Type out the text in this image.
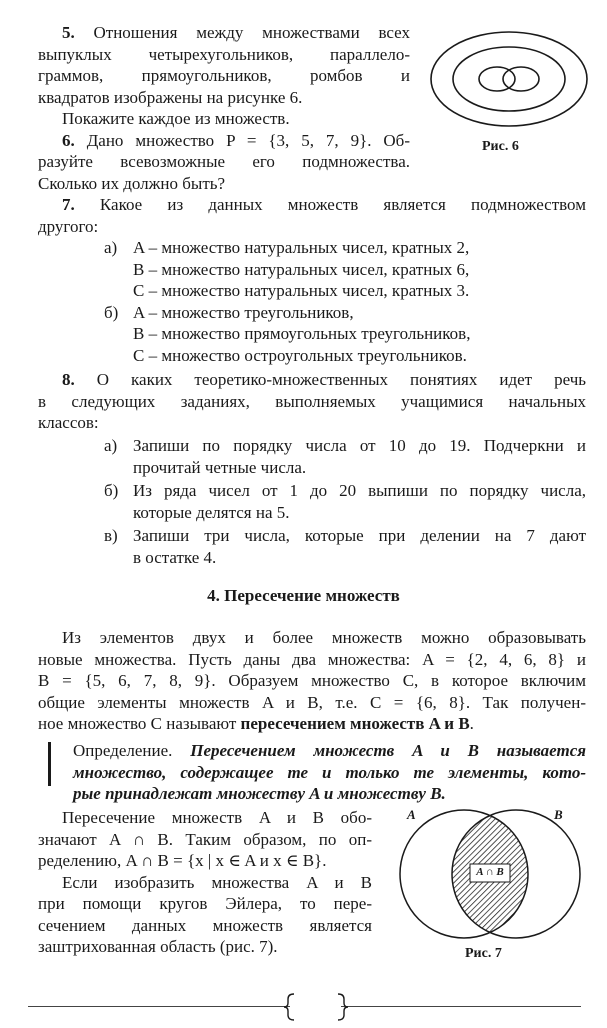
5. Отношения между множествами всех

выпуклых четырехугольников, параллело-

граммов, прямоугольников, ромбов и

квадратов изображены на рисунке 6.

Покажите каждое из множеств.

6. Дано множество P = {3, 5, 7, 9}. Об-

разуйте всевозможные его подмножества.

Сколько их должно быть?

Рис. 6

7. Какое из данных множеств является подмножеством

другого:

а) A – множество натуральных чисел, кратных 2,
B – множество натуральных чисел, кратных 6,
C – множество натуральных чисел, кратных 3.
б) A – множество треугольников,
B – множество прямоугольных треугольников,
C – множество остроугольных треугольников.

8. О каких теоретико-множественных понятиях идет речь

в следующих заданиях, выполняемых учащимися начальных

классов:

а) Запиши по порядку числа от 10 до 19. Подчеркни и

прочитай четные числа.
б) Из ряда чисел от 1 до 20 выпиши по порядку числа,

которые делятся на 5.
в) Запиши три числа, которые при делении на 7 дают

в остатке 4.

4. Пересечение множеств

Из элементов двух и более множеств можно образовывать

новые множества. Пусть даны два множества: A = {2, 4, 6, 8} и

B = {5, 6, 7, 8, 9}. Образуем множество C, в которое включим

общие элементы множеств A и B, т.е. C = {6, 8}. Так получен-

ное множество C называют пересечением множеств A и B.

Определение. Пересечением множеств A и B называется

множество, содержащее те и только те элементы, кото-

рые принадлежат множеству A и множеству B.

Пересечение множеств A и B обо-

значают A ∩ B. Таким образом, по оп-

ределению, A ∩ B = {x | x ∈ A и x ∈ B}.

Если изобразить множества A и B

при помощи кругов Эйлера, то пере-

сечением данных множеств является

заштрихованная область (рис. 7).

A	B
A ∩ B
Рис. 7
